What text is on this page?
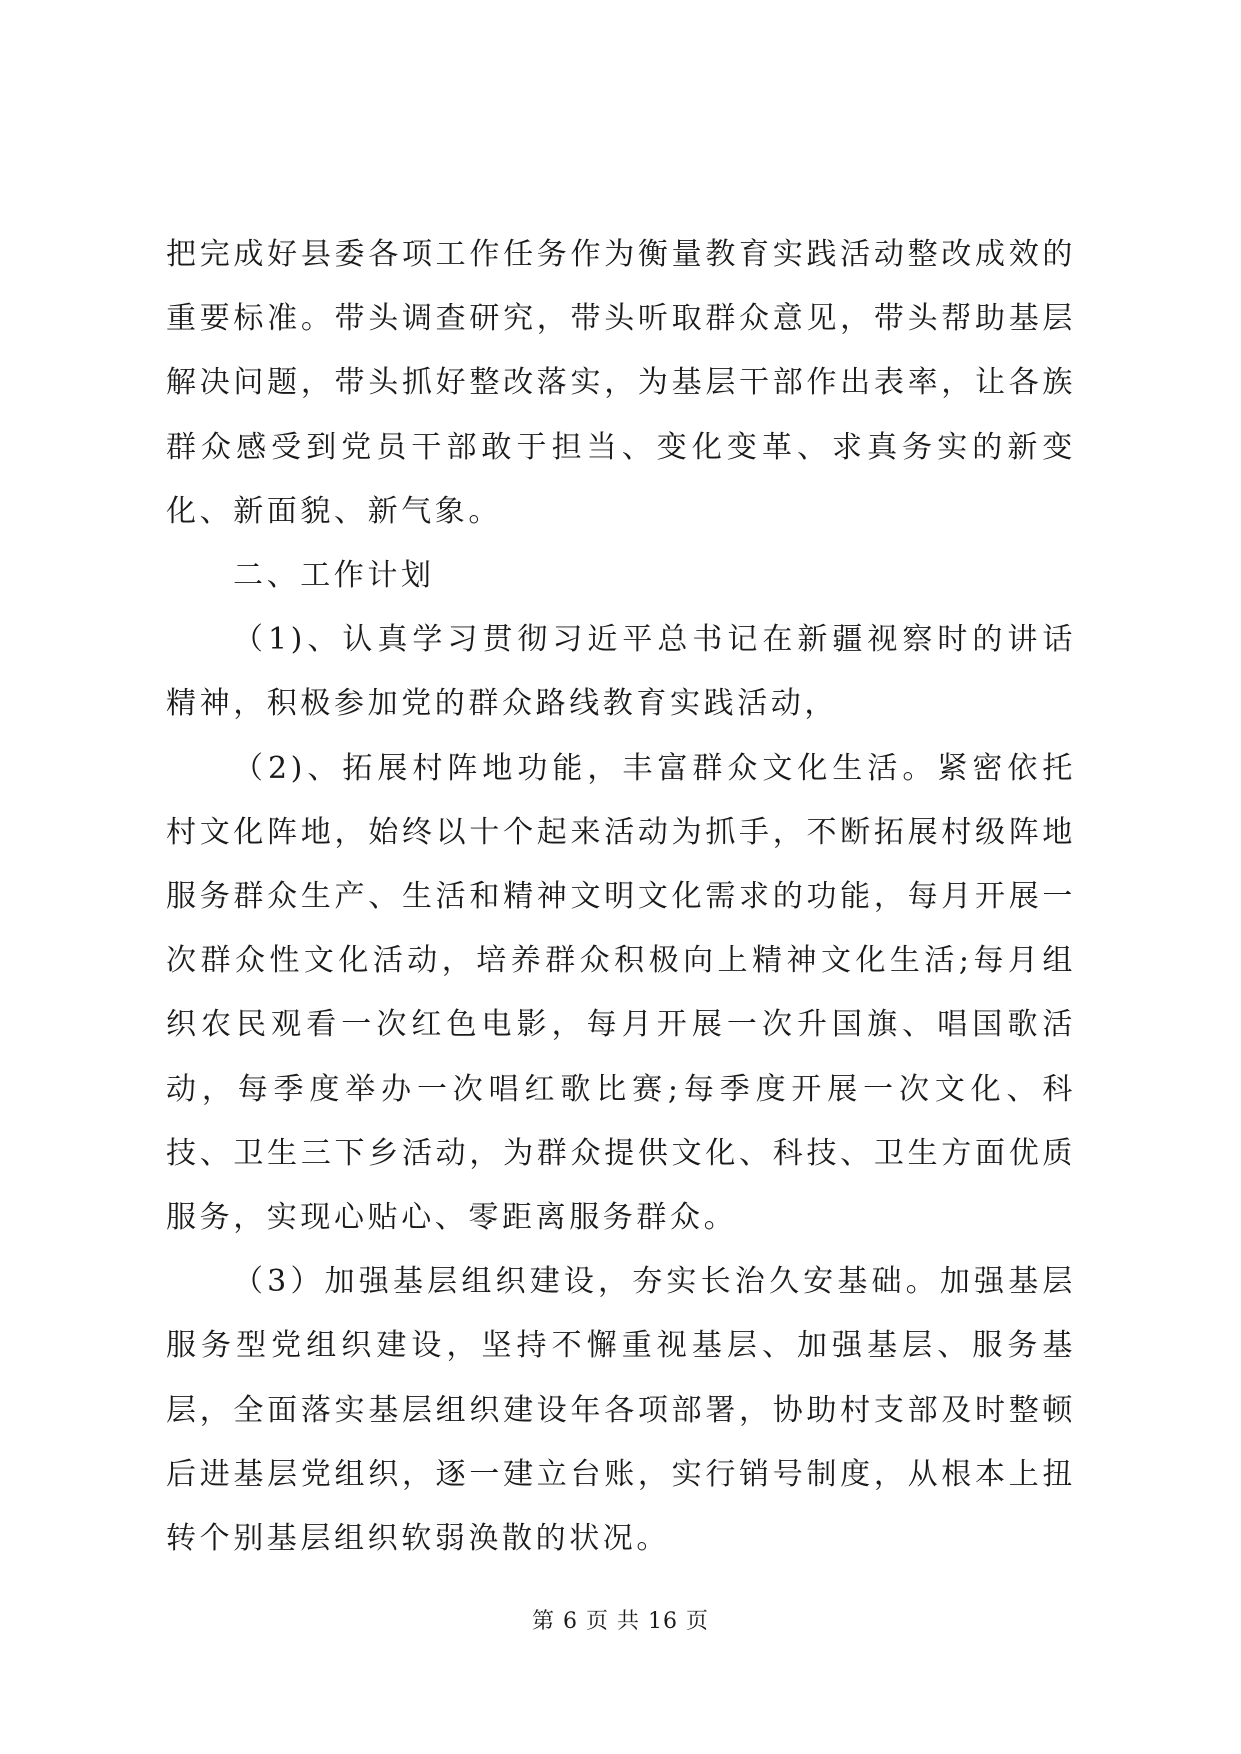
把完成好县委各项工作任务作为衡量教育实践活动整改成效的重要标准。带头调查研究，带头听取群众意见，带头帮助基层解决问题，带头抓好整改落实，为基层干部作出表率，让各族群众感受到党员干部敢于担当、变化变革、求真务实的新变化、新面貌、新气象。

二、工作计划

（1)、认真学习贯彻习近平总书记在新疆视察时的讲话精神，积极参加党的群众路线教育实践活动，

（2)、拓展村阵地功能，丰富群众文化生活。紧密依托村文化阵地，始终以十个起来活动为抓手，不断拓展村级阵地服务群众生产、生活和精神文明文化需求的功能，每月开展一次群众性文化活动，培养群众积极向上精神文化生活;每月组织农民观看一次红色电影，每月开展一次升国旗、唱国歌活动，每季度举办一次唱红歌比赛;每季度开展一次文化、科技、卫生三下乡活动，为群众提供文化、科技、卫生方面优质服务，实现心贴心、零距离服务群众。

（3）加强基层组织建设，夯实长治久安基础。加强基层服务型党组织建设，坚持不懈重视基层、加强基层、服务基层，全面落实基层组织建设年各项部署，协助村支部及时整顿后进基层党组织，逐一建立台账，实行销号制度，从根本上扭转个别基层组织软弱涣散的状况。

第 6 页 共 16 页
